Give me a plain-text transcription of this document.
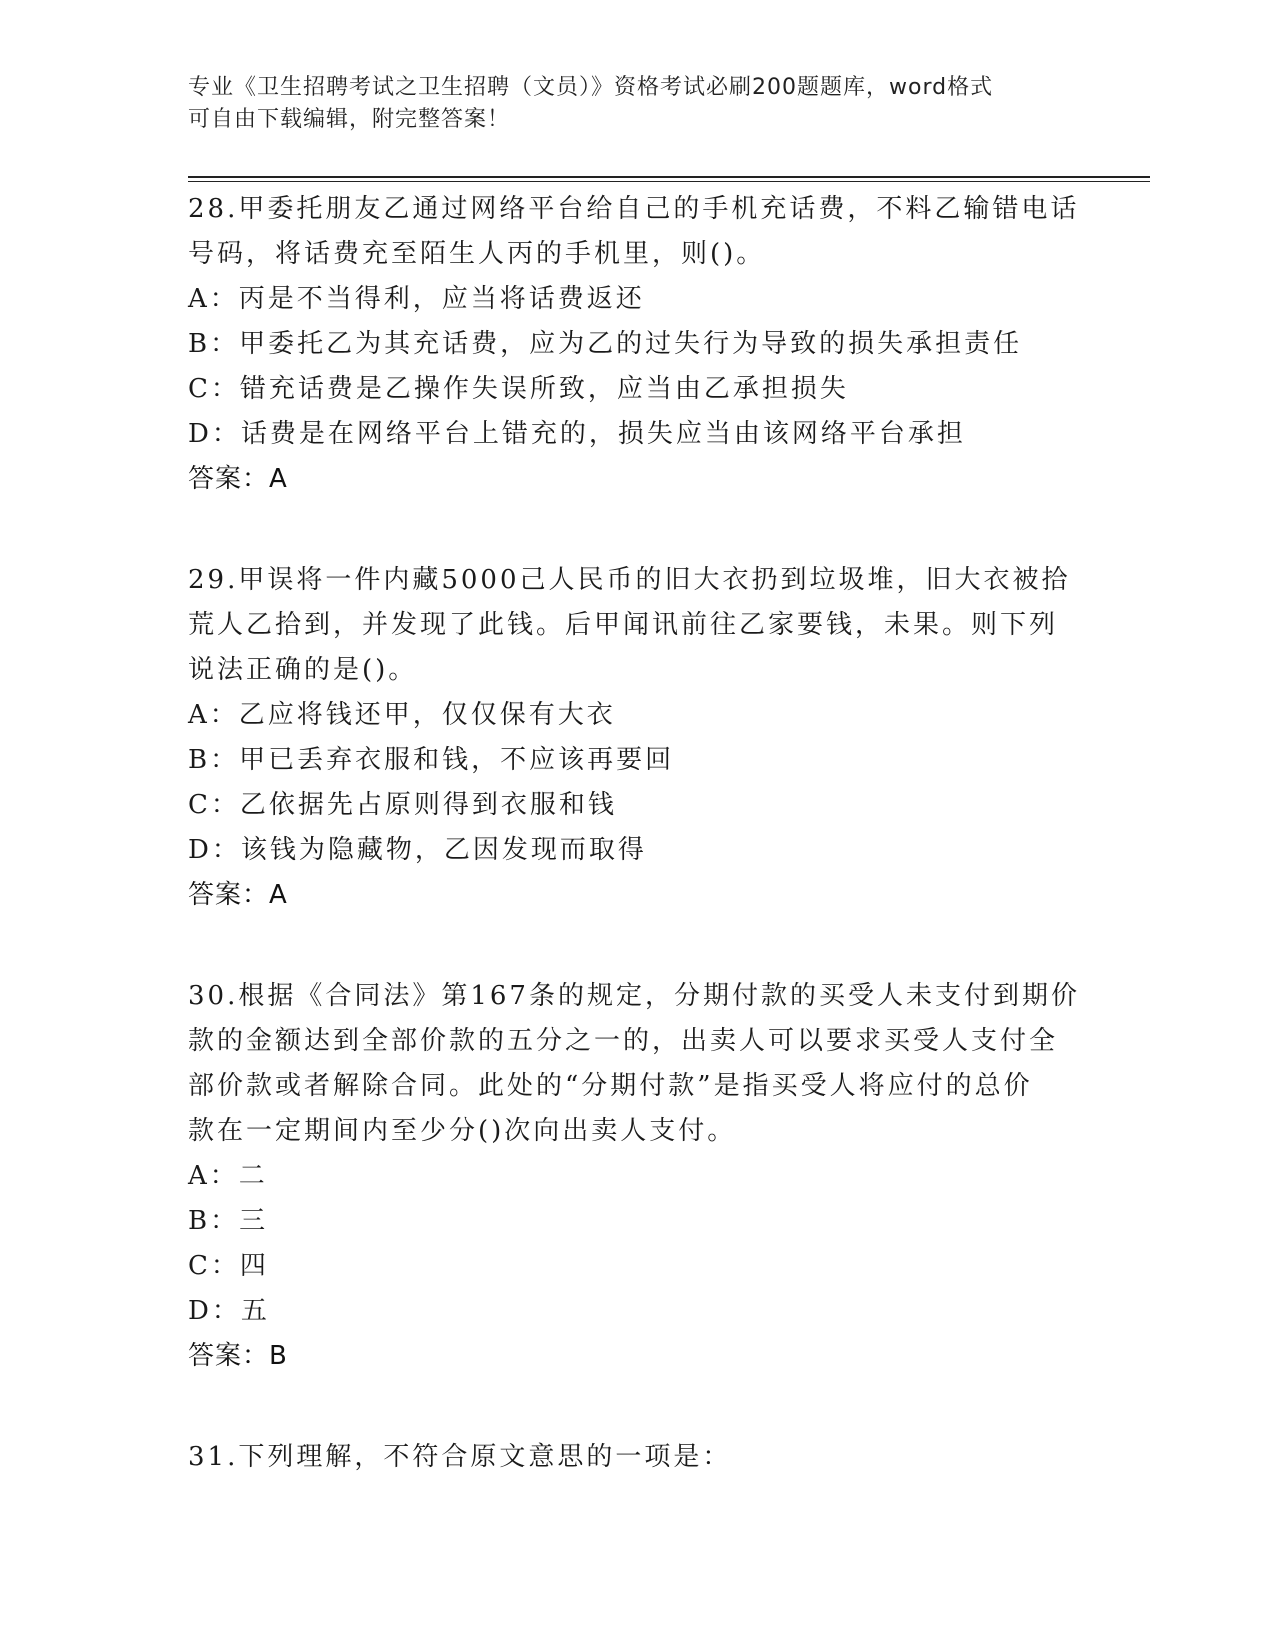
专业《卫生招聘考试之卫生招聘（文员）》资格考试必刷200题题库，word格式
可自由下载编辑，附完整答案！
28.甲委托朋友乙通过网络平台给自己的手机充话费，不料乙输错电话
号码，将话费充至陌生人丙的手机里，则()。
A：丙是不当得利，应当将话费返还
B：甲委托乙为其充话费，应为乙的过失行为导致的损失承担责任
C：错充话费是乙操作失误所致，应当由乙承担损失
D：话费是在网络平台上错充的，损失应当由该网络平台承担
答案：A
29.甲误将一件内藏5000己人民币的旧大衣扔到垃圾堆，旧大衣被拾
荒人乙拾到，并发现了此钱。后甲闻讯前往乙家要钱，未果。则下列
说法正确的是()。
A：乙应将钱还甲，仅仅保有大衣
B：甲已丢弃衣服和钱，不应该再要回
C：乙依据先占原则得到衣服和钱
D：该钱为隐藏物，乙因发现而取得
答案：A
30.根据《合同法》第167条的规定，分期付款的买受人未支付到期价
款的金额达到全部价款的五分之一的，出卖人可以要求买受人支付全
部价款或者解除合同。此处的“分期付款”是指买受人将应付的总价
款在一定期间内至少分()次向出卖人支付。
A：二
B：三
C：四
D：五
答案：B
31.下列理解，不符合原文意思的一项是：
